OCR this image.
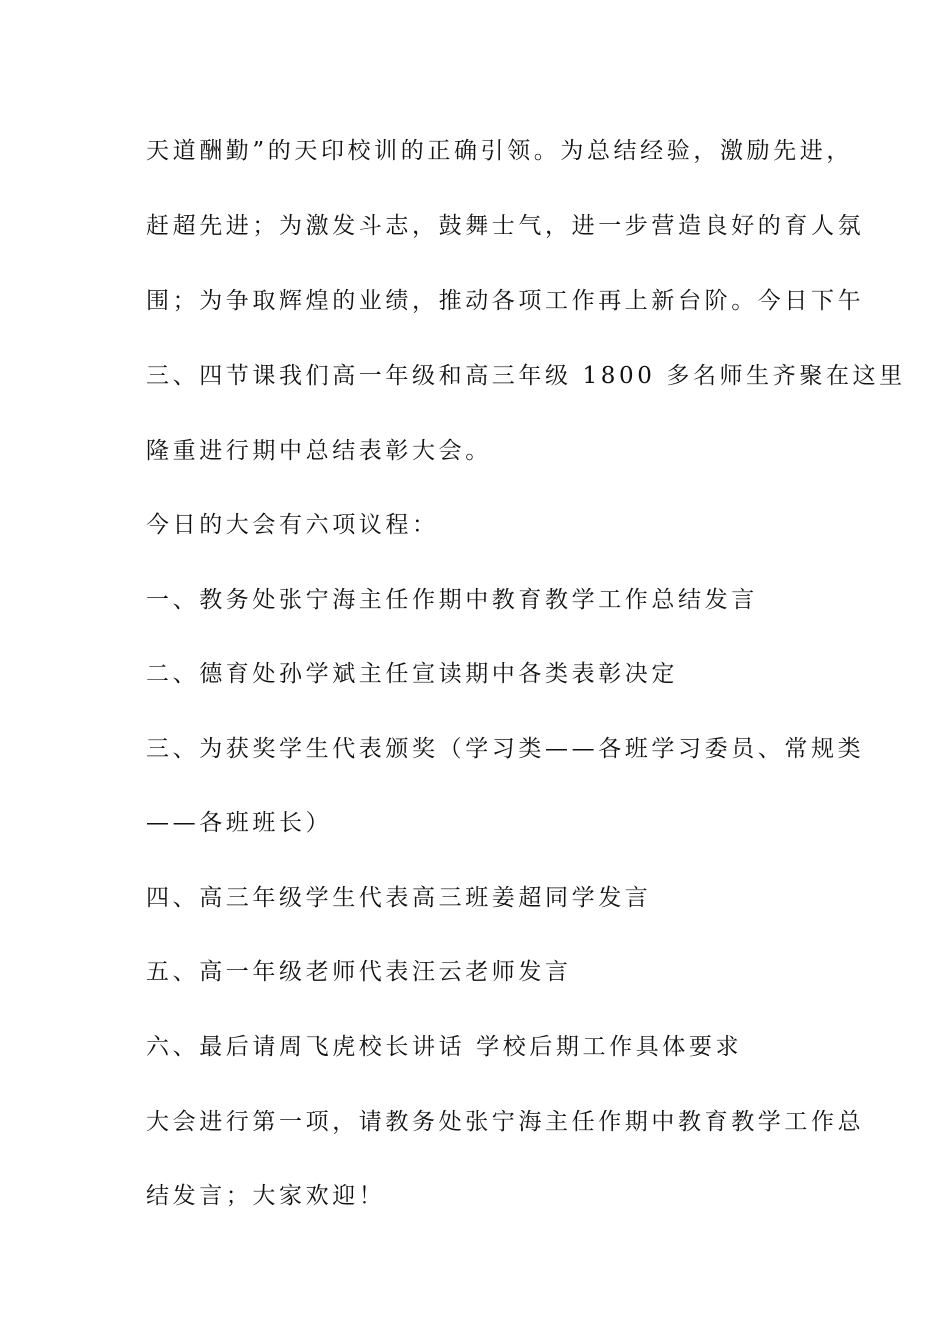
天道酬勤”的天印校训的正确引领。为总结经验，激励先进，
赶超先进；为激发斗志，鼓舞士气，进一步营造良好的育人氛
围；为争取辉煌的业绩，推动各项工作再上新台阶。今日下午
三、四节课我们高一年级和高三年级 1800 多名师生齐聚在这里
隆重进行期中总结表彰大会。
今日的大会有六项议程：
一、教务处张宁海主任作期中教育教学工作总结发言
二、德育处孙学斌主任宣读期中各类表彰决定
三、为获奖学生代表颁奖（学习类——各班学习委员、常规类
——各班班长）
四、高三年级学生代表高三班姜超同学发言
五、高一年级老师代表汪云老师发言
六、最后请周飞虎校长讲话 学校后期工作具体要求
大会进行第一项，请教务处张宁海主任作期中教育教学工作总
结发言；大家欢迎！
